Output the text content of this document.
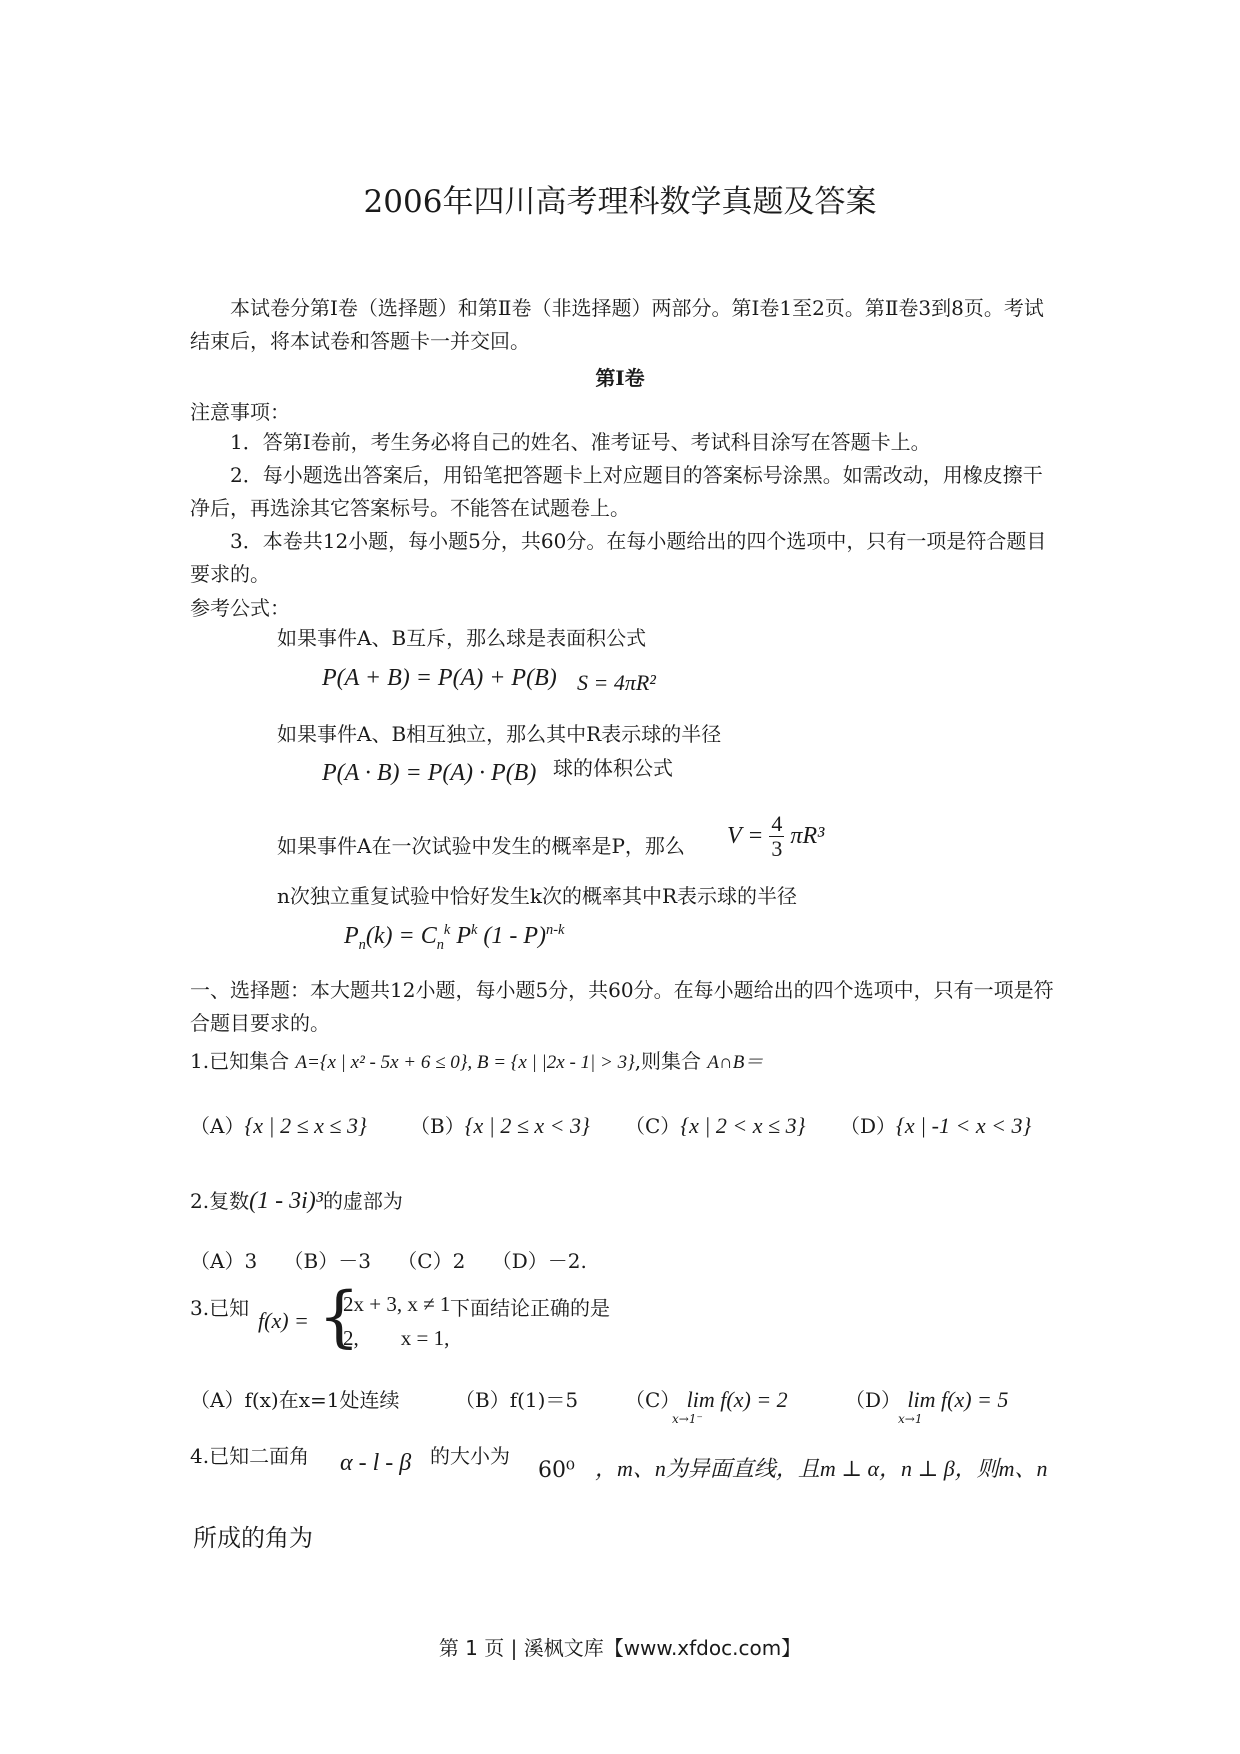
2006年四川高考理科数学真题及答案
本试卷分第Ⅰ卷（选择题）和第Ⅱ卷（非选择题）两部分。第Ⅰ卷1至2页。第Ⅱ卷3到8页。考试结束后，将本试卷和答题卡一并交回。
第Ⅰ卷
注意事项：
1．答第Ⅰ卷前，考生务必将自己的姓名、准考证号、考试科目涂写在答题卡上。
2．每小题选出答案后，用铅笔把答题卡上对应题目的答案标号涂黑。如需改动，用橡皮擦干净后，再选涂其它答案标号。不能答在试题卷上。
3．本卷共12小题，每小题5分，共60分。在每小题给出的四个选项中，只有一项是符合题目要求的。
参考公式：
如果事件A、B互斥，那么球是表面积公式
P(A + B) = P(A) + P(B) S = 4πR²
如果事件A、B相互独立，那么其中R表示球的半径
P(A · B) = P(A) · P(B) 球的体积公式
如果事件A在一次试验中发生的概率是P，那么 $V = \frac{4}{3} \pi R^3$
n次独立重复试验中恰好发生k次的概率其中R表示球的半径
$P_n(k) = C_n^k$ $P^k$ (1 - P)$^{n-k}$
一、选择题：本大题共12小题，每小题5分，共60分。在每小题给出的四个选项中，只有一项是符合题目要求的。
1.已知集合 A={x | x² - 5x + 6 ≤ 0}, B = {x | |2x - 1| > 3},则集合 A∩B＝
（A）{x | 2 ≤ x ≤ 3} （B）{x | 2 ≤ x < 3} （C）{x | 2 < x ≤ 3} （D）{x | -1 < x < 3}
2.复数(1 - 3i)³的虚部为
（A）3　 （B）－3　 （C）2　 （D）－2.
3.已知 f(x) = {
2x + 3, x ≠ 1
2,　　x = 1,
下面结论正确的是
（A）f(x)在x=1处连续	（B）f(1)＝5 （C） lim f(x) = 2
x→1⁻
（D） lim f(x) = 5
x→1
4.已知二面角 α - l - β 的大小为
60⁰ ，m、n为异面直线，且m ⊥ α，n ⊥ β，则m、n
所成的角为
第 1 页 | 溪枫文库【www.xfdoc.com】
